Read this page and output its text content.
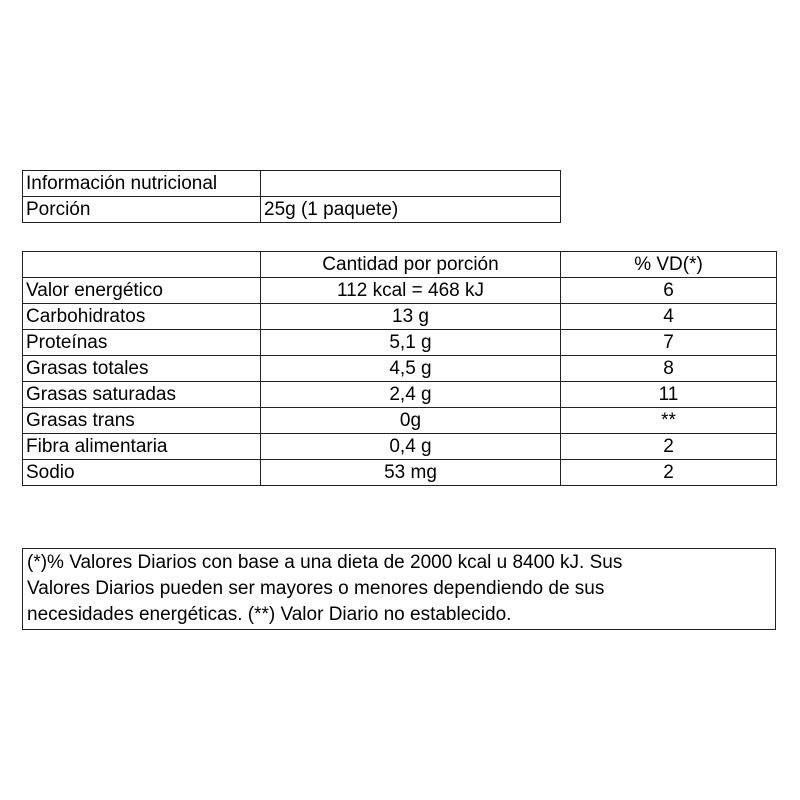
Información nutricional	
Porción	25g (1 paquete)
	Cantidad por porción	% VD(*)
Valor energético	112 kcal = 468 kJ	6
Carbohidratos	13 g	4
Proteínas	5,1 g	7
Grasas totales	4,5 g	8
Grasas saturadas	2,4 g	11
Grasas trans	0g	**
Fibra alimentaria	0,4 g	2
Sodio	53 mg	2
(*)% Valores Diarios con base a una dieta de 2000 kcal u 8400 kJ. Sus
Valores Diarios pueden ser mayores o menores dependiendo de sus
necesidades energéticas. (**) Valor Diario no establecido.
